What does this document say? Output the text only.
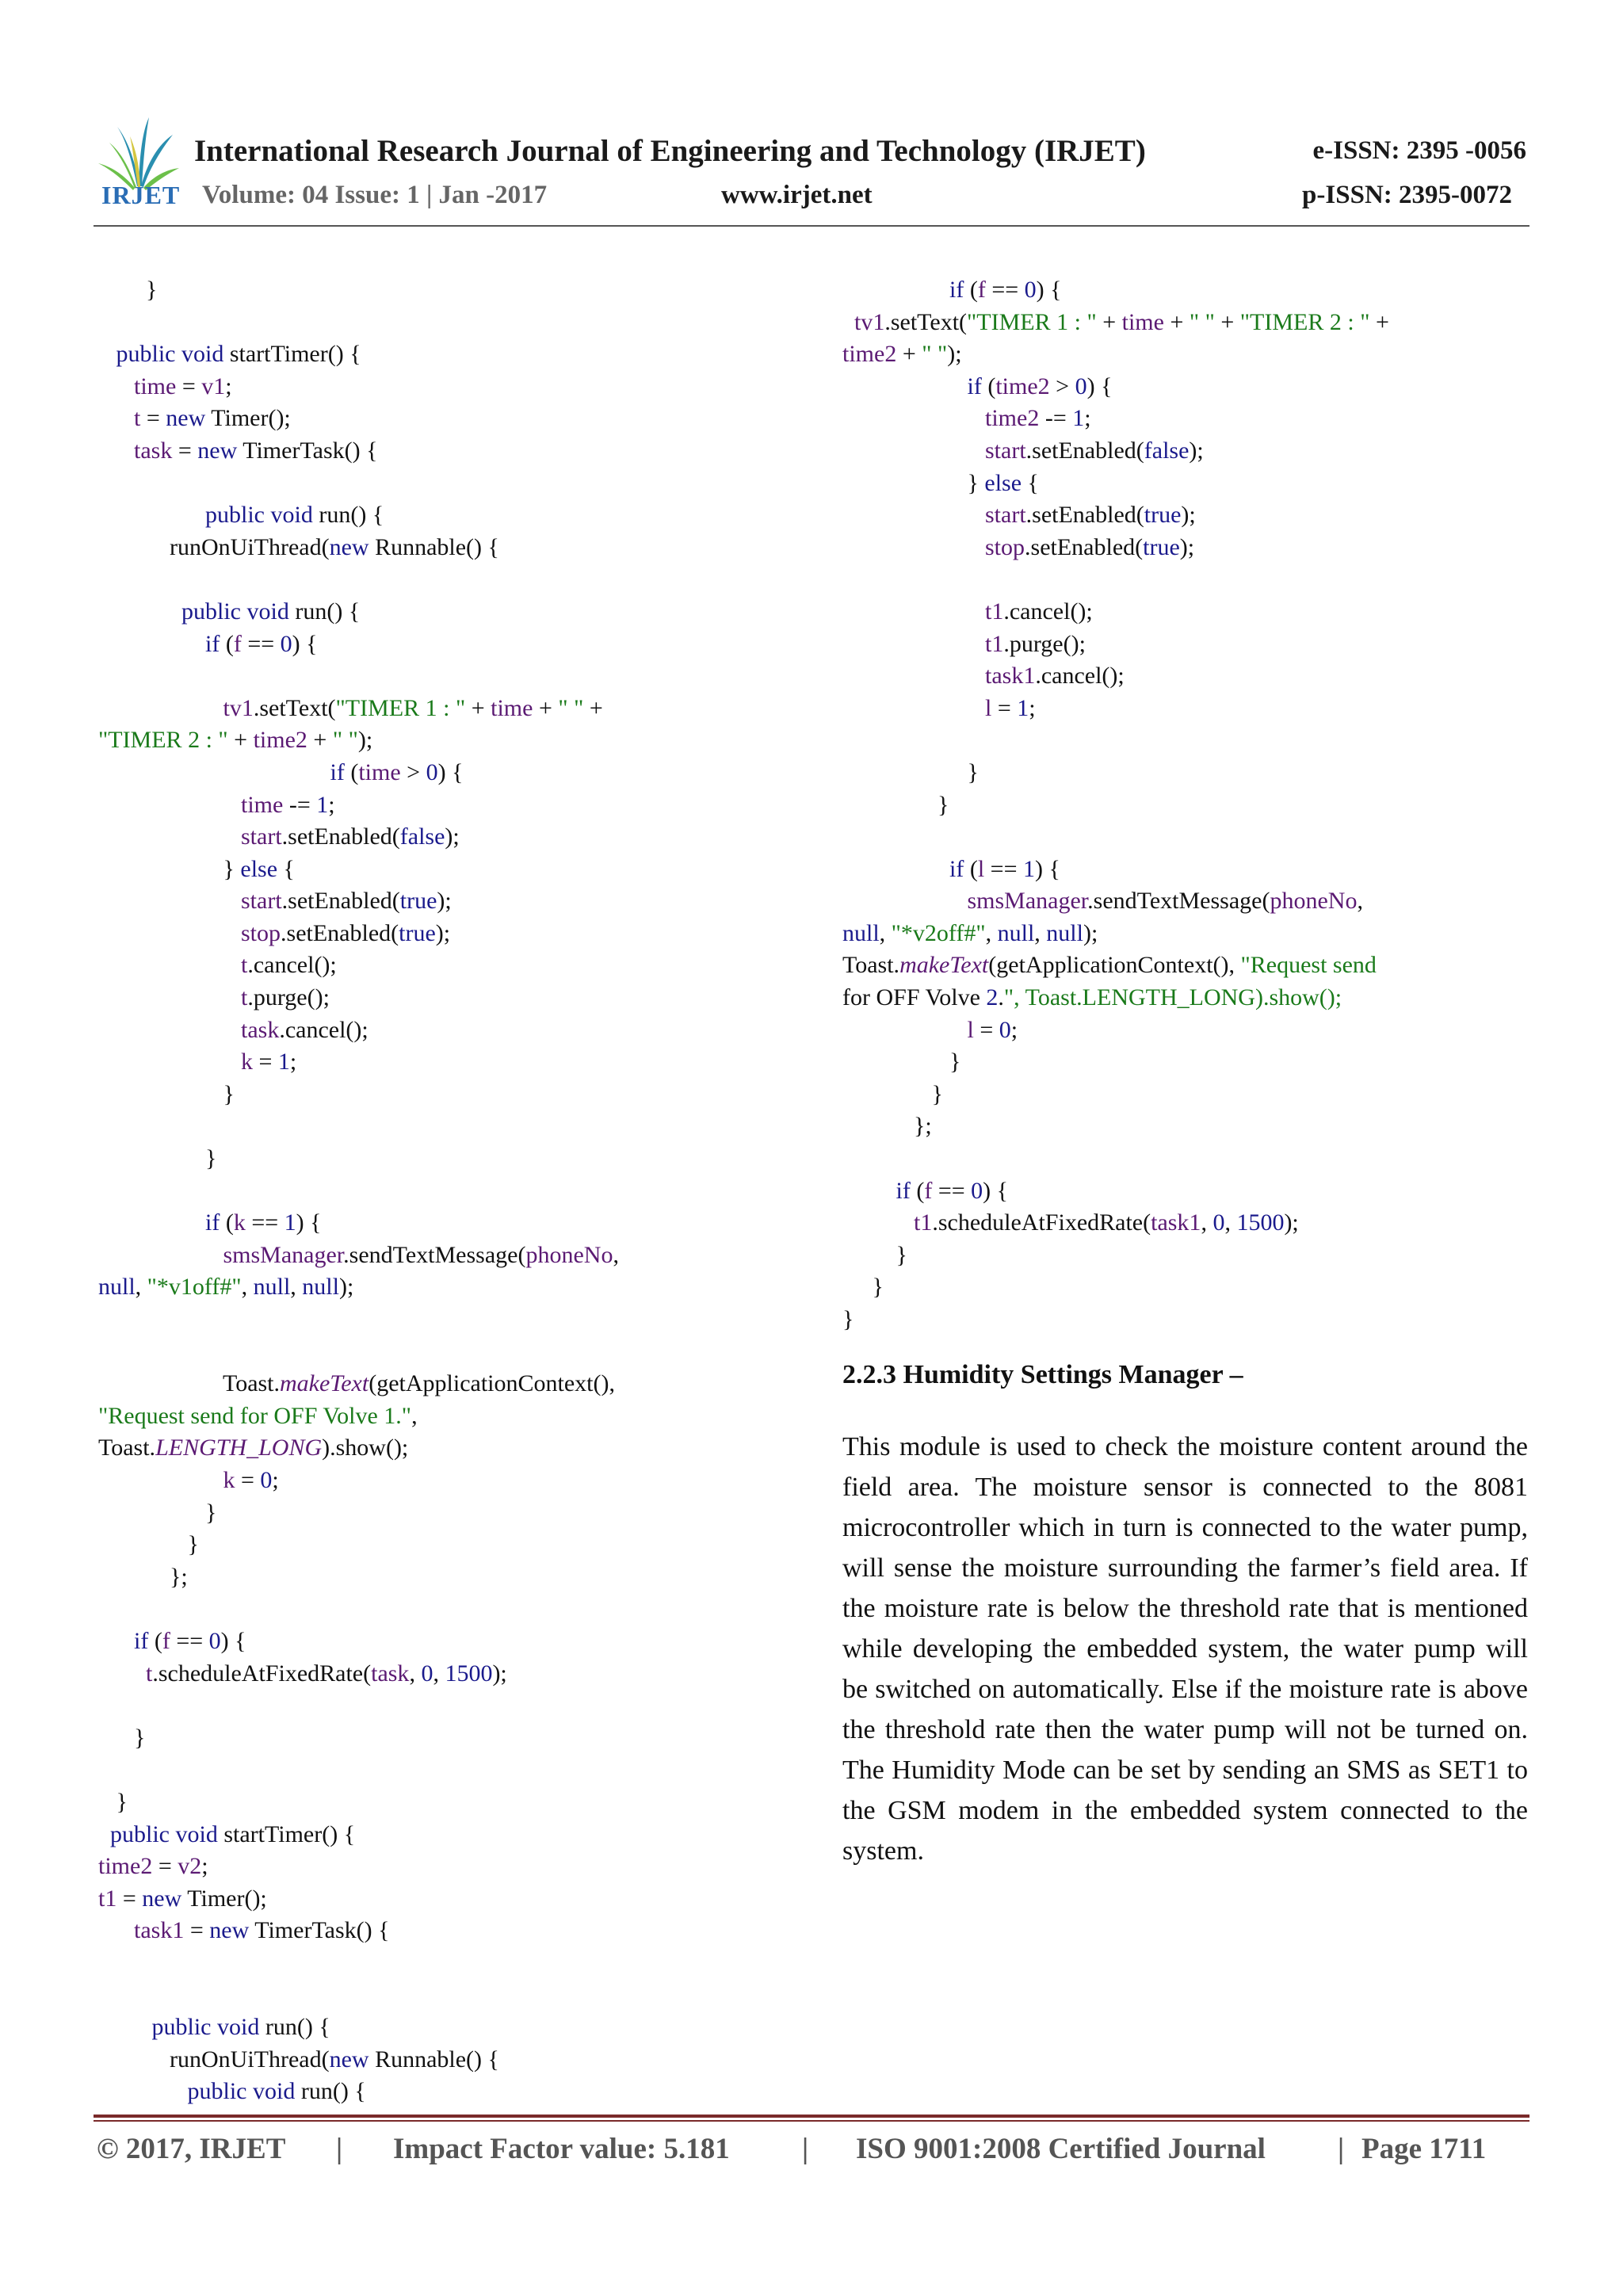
IRJET
International Research Journal of Engineering and Technology (IRJET)	e-ISSN: 2395 -0056
Volume: 04 Issue: 1 | Jan -2017	www.irjet.net	p-ISSN: 2395-0072
}

public void startTimer() {
time = v1;
t = new Timer();
task = new TimerTask() {

public void run() {
runOnUiThread(new Runnable() {

public void run() {
if (f == 0) {

tv1.setText("TIMER 1 : " + time + " " +
"TIMER 2 : " + time2 + " ");
if (time > 0) {
time -= 1;
start.setEnabled(false);
} else {
start.setEnabled(true);
stop.setEnabled(true);
t.cancel();
t.purge();
task.cancel();
k = 1;
}

}

if (k == 1) {
smsManager.sendTextMessage(phoneNo,
null, "*v1off#", null, null);

Toast.makeText(getApplicationContext(),
"Request send for OFF Volve 1.",
Toast.LENGTH_LONG).show();
k = 0;
}
}
};

if (f == 0) {
t.scheduleAtFixedRate(task, 0, 1500);

}

}
public void startTimer() {
time2 = v2;
t1 = new Timer();
task1 = new TimerTask() {

public void run() {
runOnUiThread(new Runnable() {
public void run() {
if (f == 0) {
tv1.setText("TIMER 1 : " + time + " " + "TIMER 2 : " +
time2 + " ");
if (time2 > 0) {
time2 -= 1;
start.setEnabled(false);
} else {
start.setEnabled(true);
stop.setEnabled(true);

t1.cancel();
t1.purge();
task1.cancel();
l = 1;

}
}

if (l == 1) {
smsManager.sendTextMessage(phoneNo,
null, "*v2off#", null, null);
Toast.makeText(getApplicationContext(), "Request send
for OFF Volve 2.", Toast.LENGTH_LONG).show();
l = 0;
}
}
};

if (f == 0) {
t1.scheduleAtFixedRate(task1, 0, 1500);
}
}
}
2.2.3 Humidity Settings Manager –
This module is used to check the moisture content around the field area. The moisture sensor is connected to the 8081 microcontroller which in turn is connected to the water pump, will sense the moisture surrounding the farmer’s field area. If the moisture rate is below the threshold rate that is mentioned while developing the embedded system, the water pump will be switched on automatically. Else if the moisture rate is above the threshold rate then the water pump will not be turned on. The Humidity Mode can be set by sending an SMS as SET1 to the GSM modem in the embedded system connected to the system.
© 2017, IRJET | Impact Factor value: 5.181 | ISO 9001:2008 Certified Journal | Page 1711
